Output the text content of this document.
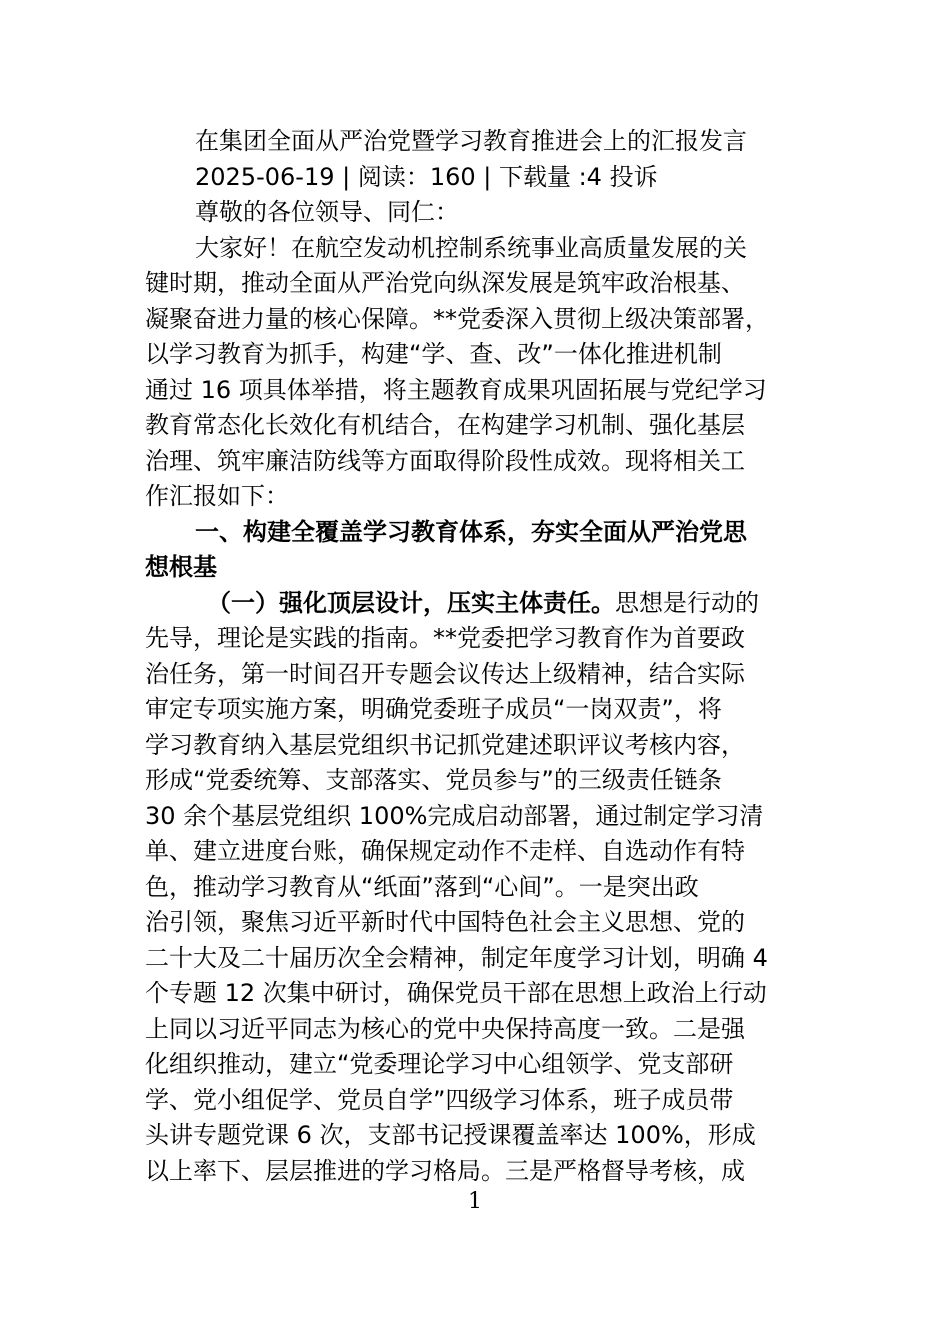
在集团全面从严治党暨学习教育推进会上的汇报发言

2025-06-19 | 阅读：160 | 下载量 :4 投诉

尊敬的各位领导、同仁：

大家好！在航空发动机控制系统事业高质量发展的关

键时期，推动全面从严治党向纵深发展是筑牢政治根基、

凝聚奋进力量的核心保障。**党委深入贯彻上级决策部署，

以学习教育为抓手，构建“学、查、改”一体化推进机制

通过 16 项具体举措，将主题教育成果巩固拓展与党纪学习

教育常态化长效化有机结合，在构建学习机制、强化基层

治理、筑牢廉洁防线等方面取得阶段性成效。现将相关工

作汇报如下：

一、构建全覆盖学习教育体系，夯实全面从严治党思

想根基

（一）强化顶层设计，压实主体责任。思想是行动的

先导，理论是实践的指南。**党委把学习教育作为首要政

治任务，第一时间召开专题会议传达上级精神，结合实际

审定专项实施方案，明确党委班子成员“一岗双责”，将

学习教育纳入基层党组织书记抓党建述职评议考核内容，

形成“党委统筹、支部落实、党员参与”的三级责任链条

30 余个基层党组织 100%完成启动部署，通过制定学习清

单、建立进度台账，确保规定动作不走样、自选动作有特

色，推动学习教育从“纸面”落到“心间”。一是突出政

治引领，聚焦习近平新时代中国特色社会主义思想、党的

二十大及二十届历次全会精神，制定年度学习计划，明确 4

个专题 12 次集中研讨，确保党员干部在思想上政治上行动

上同以习近平同志为核心的党中央保持高度一致。二是强

化组织推动，建立“党委理论学习中心组领学、党支部研

学、党小组促学、党员自学”四级学习体系，班子成员带

头讲专题党课 6 次，支部书记授课覆盖率达 100%，形成

以上率下、层层推进的学习格局。三是严格督导考核，成

1
